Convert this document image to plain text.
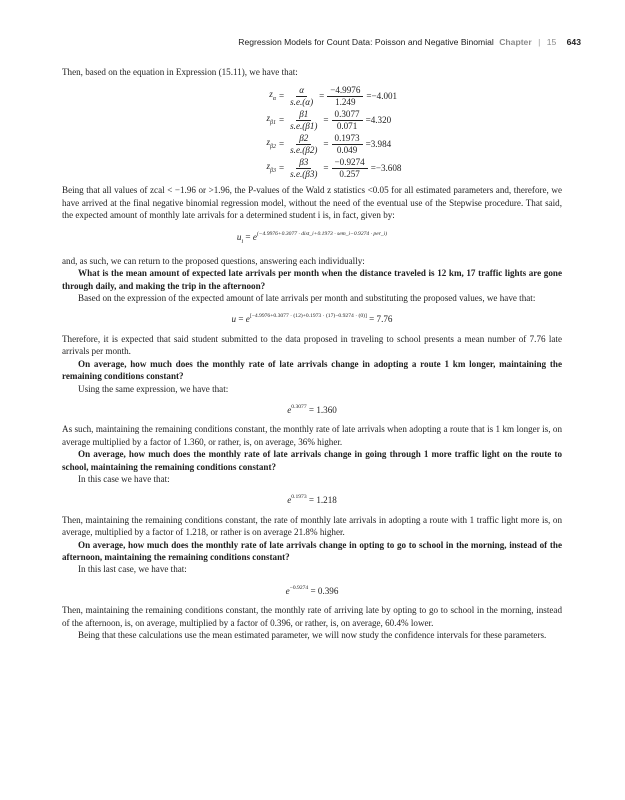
Regression Models for Count Data: Poisson and Negative Binomial Chapter | 15 643

Then, based on the equation in Expression (15.11), we have that:

$z_\alpha = \frac{\alpha}{s.e.(\alpha)} = \frac{-4.9976}{1.249} = -4.001$
$z_{\beta 1} = \frac{\beta 1}{s.e.(\beta 1)} = \frac{0.3077}{0.071} = 4.320$
$z_{\beta 2} = \frac{\beta 2}{s.e.(\beta 2)} = \frac{0.1973}{0.049} = 3.984$
$z_{\beta 3} = \frac{\beta 3}{s.e.(\beta 3)} = \frac{-0.9274}{0.257} = -3.608$

Being that all values of zcal < −1.96 or >1.96, the P-values of the Wald z statistics <0.05 for all estimated parameters and, therefore, we have arrived at the final negative binomial regression model, without the need of the eventual use of the Stepwise procedure. That said, the expected amount of monthly late arrivals for a determined student i is, in fact, given by:

$u_i = e^{(-4.9976+0.3077 \cdot dist\_i+0.1973 \cdot sem\_i-0.9274 \cdot per\_i)}$

and, as such, we can return to the proposed questions, answering each individually:

What is the mean amount of expected late arrivals per month when the distance traveled is 12 km, 17 traffic lights are gone through daily, and making the trip in the afternoon?

Based on the expression of the expected amount of late arrivals per month and substituting the proposed values, we have that:

u = e[−4.9976+0.3077 · (12)+0.1973 · (17)−0.9274 · (0)] = 7.76

Therefore, it is expected that said student submitted to the data proposed in traveling to school presents a mean number of 7.76 late arrivals per month.

On average, how much does the monthly rate of late arrivals change in adopting a route 1 km longer, maintaining the remaining conditions constant?

Using the same expression, we have that:

$e^{0.3077} = 1.360$

As such, maintaining the remaining conditions constant, the monthly rate of late arrivals when adopting a route that is 1 km longer is, on average multiplied by a factor of 1.360, or rather, is, on average, 36% higher.

On average, how much does the monthly rate of late arrivals change in going through 1 more traffic light on the route to school, maintaining the remaining conditions constant?

In this case we have that:

$e^{0.1973} = 1.218$

Then, maintaining the remaining conditions constant, the rate of monthly late arrivals in adopting a route with 1 traffic light more is, on average, multiplied by a factor of 1.218, or rather is on average 21.8% higher.

On average, how much does the monthly rate of late arrivals change in opting to go to school in the morning, instead of the afternoon, maintaining the remaining conditions constant?

In this last case, we have that:

$e^{-0.9274} = 0.396$

Then, maintaining the remaining conditions constant, the monthly rate of arriving late by opting to go to school in the morning, instead of the afternoon, is, on average, multiplied by a factor of 0.396, or rather, is, on average, 60.4% lower.

Being that these calculations use the mean estimated parameter, we will now study the confidence intervals for these parameters.
